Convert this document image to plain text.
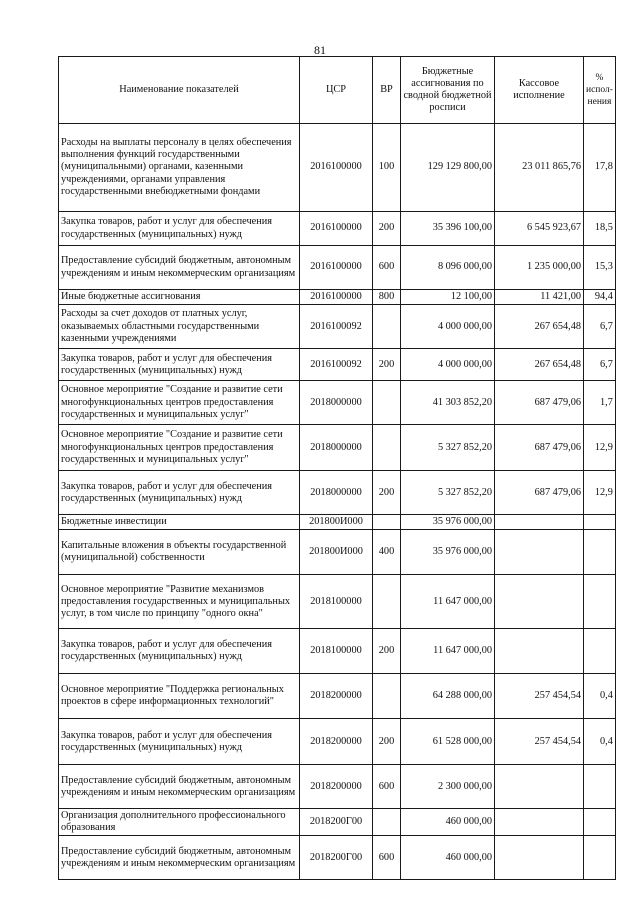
81
Наименование показателей	ЦСР	ВР	Бюджетные ассигнования по сводной бюджетной росписи	Кассовое исполнение	% испол-нения
Расходы на выплаты персоналу в целях обеспечения выполнения функций государственными (муниципальными) органами, казенными учреждениями, органами управления государственными внебюджетными фондами	2016100000	100	129 129 800,00	23 011 865,76	17,8
Закупка товаров, работ и услуг для обеспечения государственных (муниципальных) нужд	2016100000	200	35 396 100,00	6 545 923,67	18,5
Предоставление субсидий бюджетным, автономным учреждениям и иным некоммерческим организациям	2016100000	600	8 096 000,00	1 235 000,00	15,3
Иные бюджетные ассигнования	2016100000	800	12 100,00	11 421,00	94,4
Расходы за счет доходов от платных услуг, оказываемых областными государственными казенными учреждениями	2016100092		4 000 000,00	267 654,48	6,7
Закупка товаров, работ и услуг для обеспечения государственных (муниципальных) нужд	2016100092	200	4 000 000,00	267 654,48	6,7
Основное мероприятие "Создание и развитие сети многофункциональных центров предоставления государственных и муниципальных услуг"	2018000000		41 303 852,20	687 479,06	1,7
Основное мероприятие "Создание и развитие сети многофункциональных центров предоставления государственных и муниципальных услуг"	2018000000		5 327 852,20	687 479,06	12,9
Закупка товаров, работ и услуг для обеспечения государственных (муниципальных) нужд	2018000000	200	5 327 852,20	687 479,06	12,9
Бюджетные инвестиции	201800И000		35 976 000,00		
Капитальные вложения в объекты государственной (муниципальной) собственности	201800И000	400	35 976 000,00		
Основное мероприятие "Развитие механизмов предоставления государственных и муниципальных услуг, в том числе по принципу "одного окна"	2018100000		11 647 000,00		
Закупка товаров, работ и услуг для обеспечения государственных (муниципальных) нужд	2018100000	200	11 647 000,00		
Основное мероприятие "Поддержка региональных проектов в сфере информационных технологий"	2018200000		64 288 000,00	257 454,54	0,4
Закупка товаров, работ и услуг для обеспечения государственных (муниципальных) нужд	2018200000	200	61 528 000,00	257 454,54	0,4
Предоставление субсидий бюджетным, автономным учреждениям и иным некоммерческим организациям	2018200000	600	2 300 000,00		
Организация дополнительного профессионального образования	2018200Г00		460 000,00		
Предоставление субсидий бюджетным, автономным учреждениям и иным некоммерческим организациям	2018200Г00	600	460 000,00		
